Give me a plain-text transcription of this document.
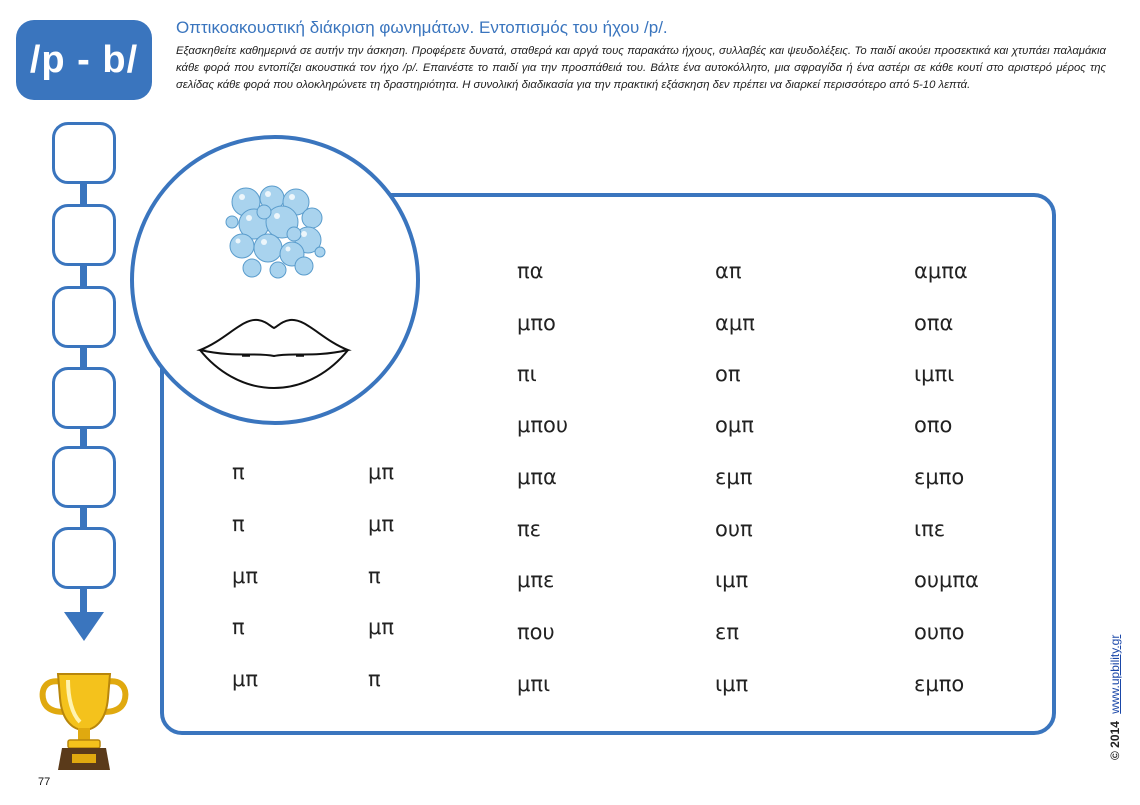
/p - b/
Οπτικοακουστική διάκριση φωνημάτων. Εντοπισμός του ήχου /p/.
Εξασκηθείτε καθημερινά σε αυτήν την άσκηση. Προφέρετε δυνατά, σταθερά και αργά τους παρακάτω ήχους, συλλαβές και ψευδολέξεις. Το παιδί ακούει προσεκτικά και χτυπάει παλαμάκια κάθε φορά που εντοπίζει ακουστικά τον ήχο /p/. Επαινέστε το παιδί για την προσπάθειά του. Βάλτε ένα αυτοκόλλητο, μια σφραγίδα ή ένα αστέρι σε κάθε κουτί στο αριστερό μέρος της σελίδας κάθε φορά που ολοκληρώνετε τη δραστηριότητα. Η συνολική διαδικασία για την πρακτική εξάσκηση δεν πρέπει να διαρκεί περισσότερο από 5-10 λεπτά.
π
π
μπ
π
μπ
μπ
μπ
π
μπ
π
πα
μπο
πι
μπου
μπα
πε
μπε
που
μπι
απ
αμπ
οπ
ομπ
εμπ
ουπ
ιμπ
επ
ιμπ
αμπα
οπα
ιμπι
οπο
εμπο
ιπε
ουμπα
ουπο
εμπο
77
© 2014 www.upbility.gr
